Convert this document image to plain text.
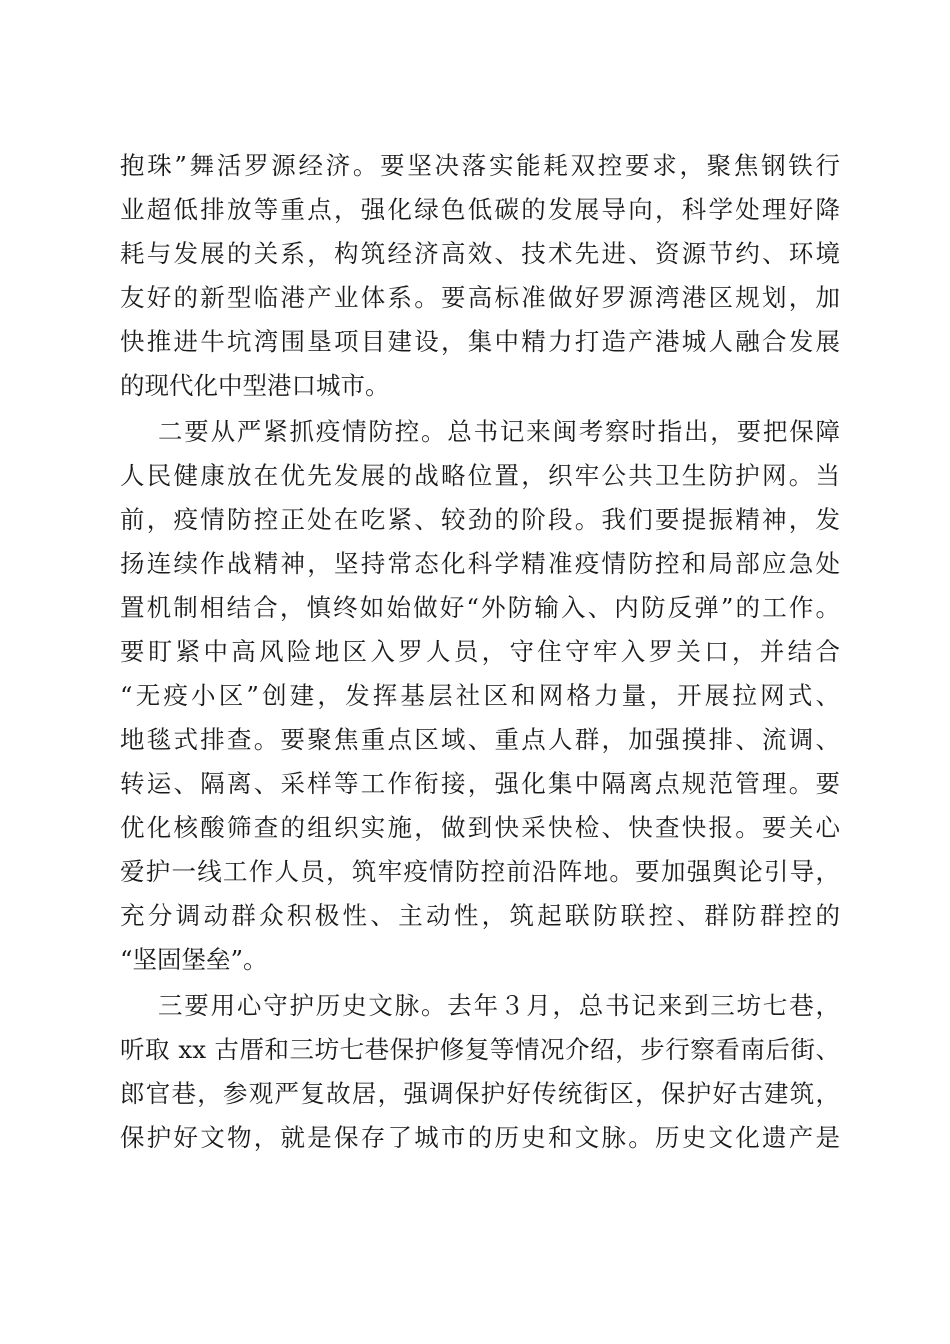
抱珠”舞活罗源经济。要坚决落实能耗双控要求，聚焦钢铁行
业超低排放等重点，强化绿色低碳的发展导向，科学处理好降
耗与发展的关系，构筑经济高效、技术先进、资源节约、环境
友好的新型临港产业体系。要高标准做好罗源湾港区规划，加
快推进牛坑湾围垦项目建设，集中精力打造产港城人融合发展
的现代化中型港口城市。
二要从严紧抓疫情防控。总书记来闽考察时指出，要把保障
人民健康放在优先发展的战略位置，织牢公共卫生防护网。当
前，疫情防控正处在吃紧、较劲的阶段。我们要提振精神，发
扬连续作战精神，坚持常态化科学精准疫情防控和局部应急处
置机制相结合，慎终如始做好“外防输入、内防反弹”的工作。
要盯紧中高风险地区入罗人员，守住守牢入罗关口，并结合
“无疫小区”创建，发挥基层社区和网格力量，开展拉网式、
地毯式排查。要聚焦重点区域、重点人群，加强摸排、流调、
转运、隔离、采样等工作衔接，强化集中隔离点规范管理。要
优化核酸筛查的组织实施，做到快采快检、快查快报。要关心
爱护一线工作人员，筑牢疫情防控前沿阵地。要加强舆论引导，
充分调动群众积极性、主动性，筑起联防联控、群防群控的
“坚固堡垒”。
三要用心守护历史文脉。去年３月，总书记来到三坊七巷，
听取 xx 古厝和三坊七巷保护修复等情况介绍，步行察看南后街、
郎官巷，参观严复故居，强调保护好传统街区，保护好古建筑，
保护好文物，就是保存了城市的历史和文脉。历史文化遗产是
